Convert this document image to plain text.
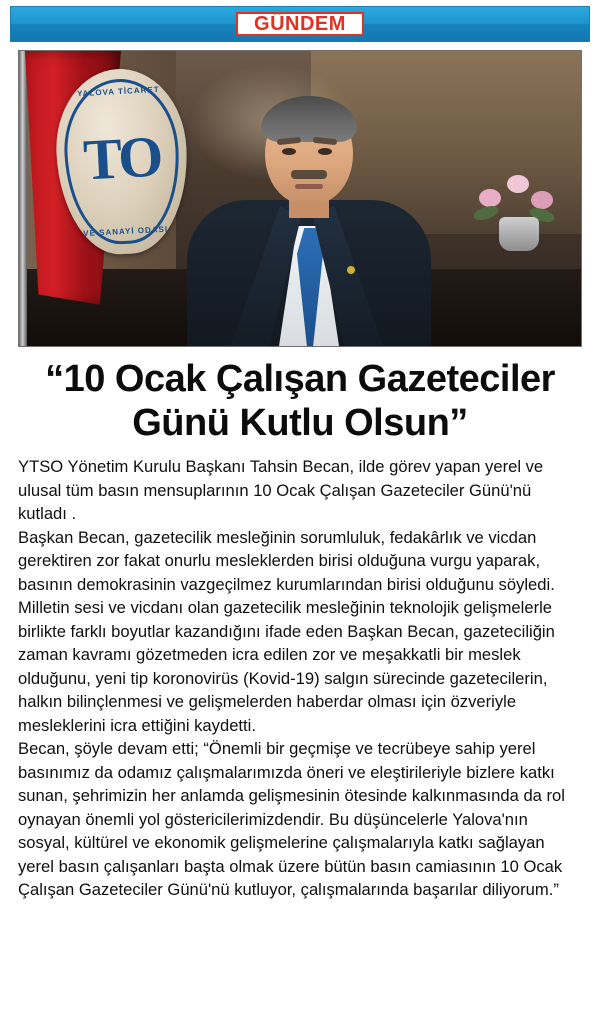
GÜNDEM
YALOVA TİCARET
TO
VE SANAYİ ODASI
“10 Ocak Çalışan Gazeteciler
Günü Kutlu Olsun”

YTSO Yönetim Kurulu Başkanı Tahsin Becan, ilde görev yapan yerel ve ulusal tüm basın mensuplarının 10 Ocak Çalışan Gazeteciler Günü'nü kutladı .

Başkan Becan, gazetecilik mesleğinin sorumluluk, fedakârlık ve vicdan gerektiren zor fakat onurlu mesleklerden birisi olduğuna vurgu yaparak, basının demokrasinin vazgeçilmez kurumlarından birisi olduğunu söyledi. Milletin sesi ve vicdanı olan gazetecilik mesleğinin teknolojik gelişmelerle birlikte farklı boyutlar kazandığını ifade eden Başkan Becan, gazeteciliğin zaman kavramı gözetmeden icra edilen zor ve meşakkatli bir meslek olduğunu, yeni tip koronovirüs (Kovid-19) salgın sürecinde gazetecilerin, halkın bilinçlenmesi ve gelişmelerden haberdar olması için özveriyle mesleklerini icra ettiğini kaydetti.

Becan, şöyle devam etti; “Önemli bir geçmişe ve tecrübeye sahip yerel basınımız da odamız çalışmalarımızda öneri ve eleştirileriyle bizlere katkı sunan, şehrimizin her anlamda gelişmesinin ötesinde kalkınmasında da rol oynayan önemli yol göstericilerimizdendir. Bu düşüncelerle Yalova'nın sosyal, kültürel ve ekonomik gelişmelerine çalışmalarıyla katkı sağlayan yerel basın çalışanları başta olmak üzere bütün basın camiasının 10 Ocak Çalışan Gazeteciler Günü'nü kutluyor, çalışmalarında başarılar diliyorum.”
